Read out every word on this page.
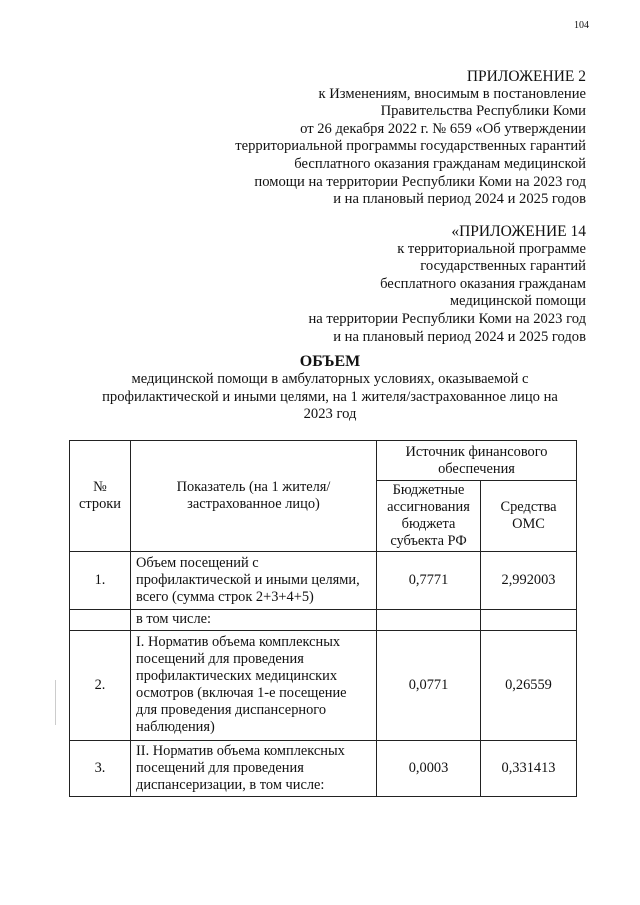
104
ПРИЛОЖЕНИЕ 2
к Изменениям, вносимым в постановление
Правительства Республики Коми
от 26 декабря 2022 г. № 659 «Об утверждении
территориальной программы государственных гарантий
бесплатного оказания гражданам медицинской
помощи на территории Республики Коми на 2023 год
и на плановый период 2024 и 2025 годов
«ПРИЛОЖЕНИЕ 14
к территориальной программе
государственных гарантий
бесплатного оказания гражданам
медицинской помощи
на территории Республики Коми на 2023 год
и на плановый период 2024 и 2025 годов
ОБЪЕМ
медицинской помощи в амбулаторных условиях, оказываемой с профилактической и иными целями, на 1 жителя/застрахованное лицо на 2023 год
№ строки	Показатель (на 1 жителя/застрахованное лицо)	Источник финансового обеспечения	
		Бюджетные ассигнования бюджета субъекта РФ	Средства ОМС
1.	Объем посещений с профилактической и иными целями, всего (сумма строк 2+3+4+5)	0,7771	2,992003
	в том числе:		
2.	I. Норматив объема комплексных посещений для проведения профилактических медицинских осмотров (включая 1-е посещение для проведения диспансерного наблюдения)	0,0771	0,26559
3.	II. Норматив объема комплексных посещений для проведения диспансеризации, в том числе:	0,0003	0,331413
